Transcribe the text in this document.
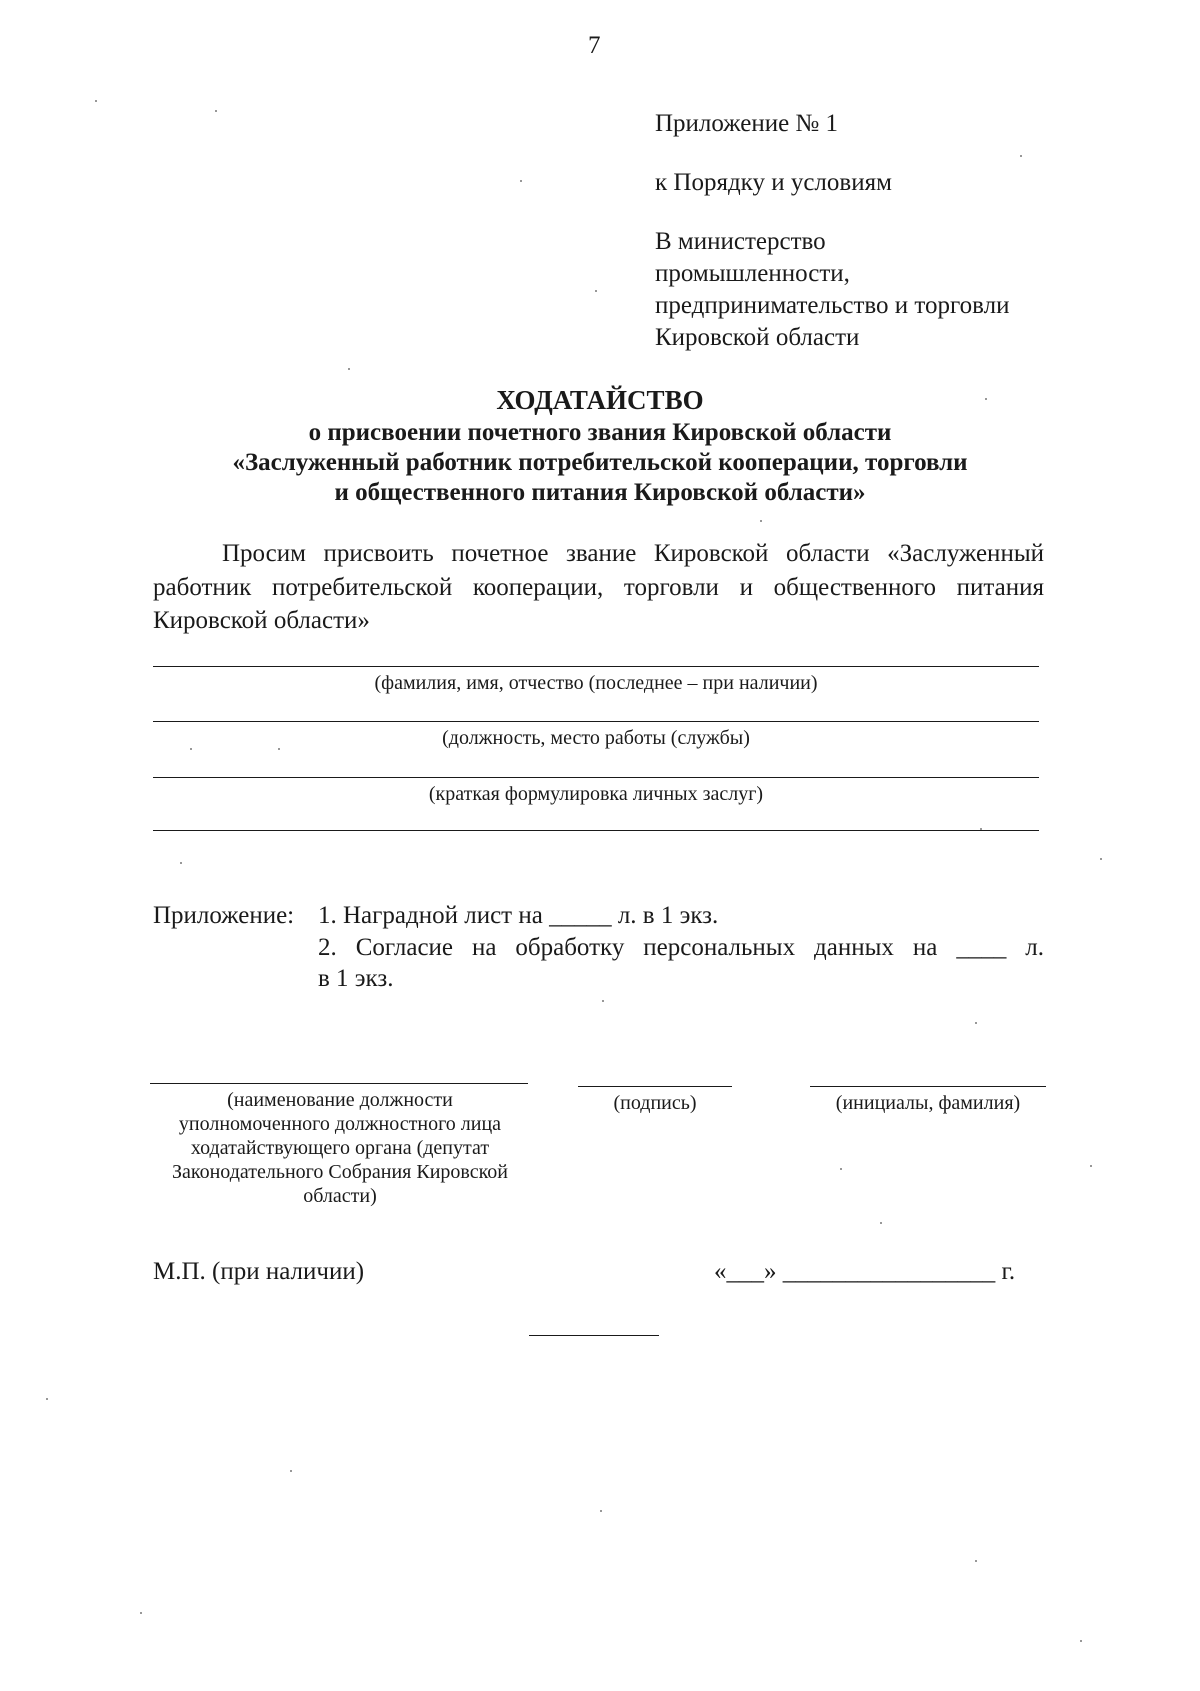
7
Приложение № 1
к Порядку и условиям
В министерство
промышленности,
предпринимательство и торговли
Кировской области
ХОДАТАЙСТВО
о присвоении почетного звания Кировской области
«Заслуженный работник потребительской кооперации, торговли
и общественного питания Кировской области»
Просим присвоить почетное звание Кировской области «Заслуженный
работник потребительской кооперации, торговли и общественного питания
Кировской области»
(фамилия, имя, отчество (последнее – при наличии)
(должность, место работы (службы)
(краткая формулировка личных заслуг)
Приложение: 1. Наградной лист на _____ л. в 1 экз.
2. Согласие на обработку персональных данных на ____ л.
в 1 экз.
(наименование должности
уполномоченного должностного лица
ходатайствующего органа (депутат
Законодательного Собрания Кировской
области)
(подпись)	(инициалы, фамилия)
М.П. (при наличии)	«___» _________________ г.
